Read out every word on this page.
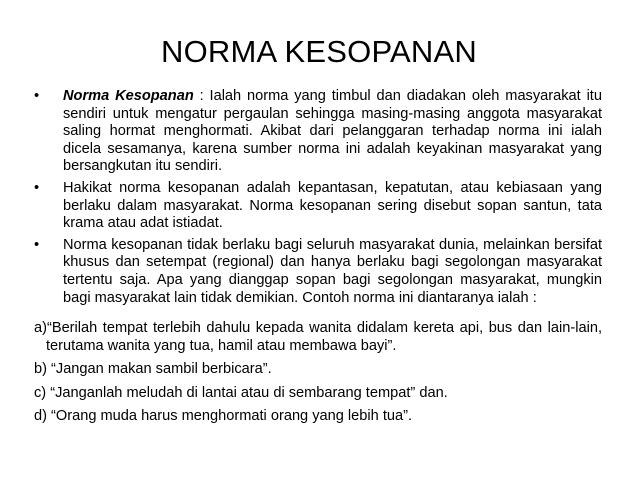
NORMA KESOPANAN
• Norma Kesopanan : Ialah norma yang timbul dan diadakan oleh masyarakat itu sendiri untuk mengatur pergaulan sehingga masing-masing anggota masyarakat saling hormat menghormati. Akibat dari pelanggaran terhadap norma ini ialah dicela sesamanya, karena sumber norma ini adalah keyakinan masyarakat yang bersangkutan itu sendiri.
• Hakikat norma kesopanan adalah kepantasan, kepatutan, atau kebiasaan yang berlaku dalam masyarakat. Norma kesopanan sering disebut sopan santun, tata krama atau adat istiadat.
• Norma kesopanan tidak berlaku bagi seluruh masyarakat dunia, melainkan bersifat khusus dan setempat (regional) dan hanya berlaku bagi segolongan masyarakat tertentu saja. Apa yang dianggap sopan bagi segolongan masyarakat, mungkin bagi masyarakat lain tidak demikian. Contoh norma ini diantaranya ialah :
a)“Berilah tempat terlebih dahulu kepada wanita didalam kereta api, bus dan lain-lain, terutama wanita yang tua, hamil atau membawa bayi”.
b) “Jangan makan sambil berbicara”.
c) “Janganlah meludah di lantai atau di sembarang tempat” dan.
d) “Orang muda harus menghormati orang yang lebih tua”.
